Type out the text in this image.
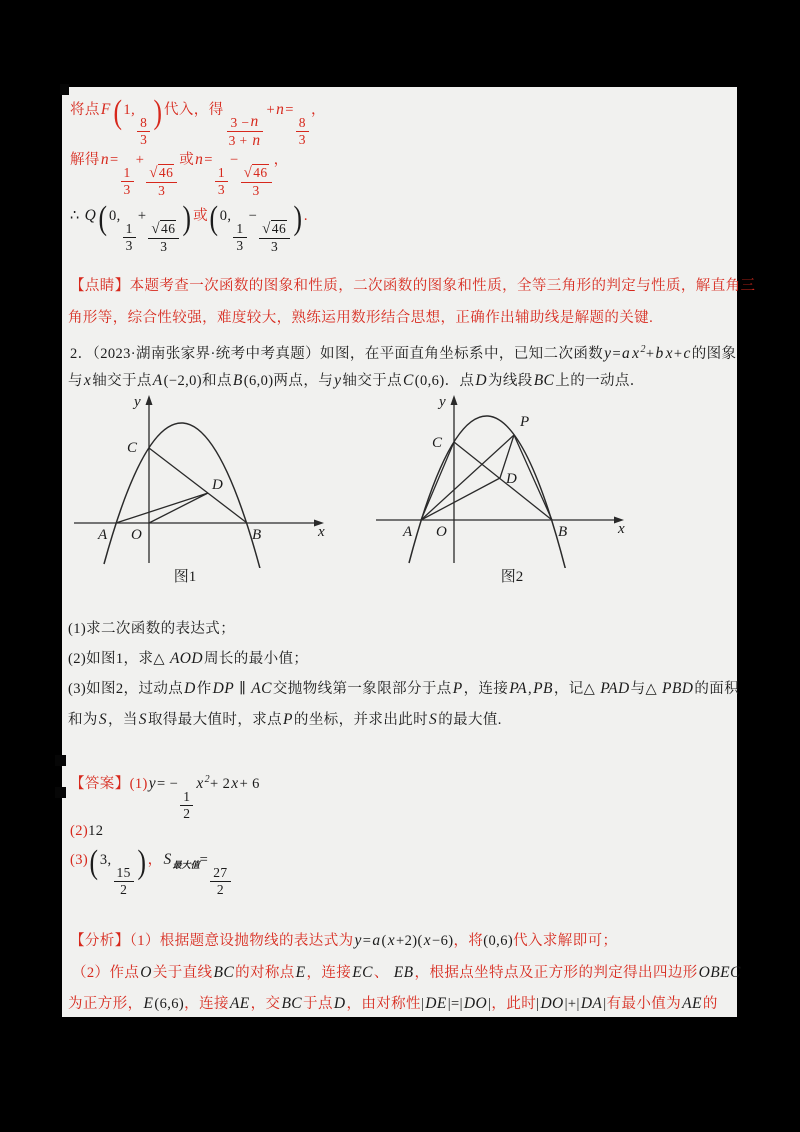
将点F(1,
$\frac{8}{3}$
)代入，得
$\frac{3 - n}{3 + n}$
+n=
$\frac{8}{3}$
，
解得n=
$\frac{1}{3}$
+
$\frac{√ 46}{3}$
或n=
$\frac{1}{3}$
−
$\frac{√ 46}{3}$
，
∴ Q(0,
$\frac{1}{3}$
+
$\frac{√ 46}{3}$
)或(0,
$\frac{1}{3}$
−
$\frac{√ 46}{3}$
).
【点睛】本题考查一次函数的图象和性质，二次函数的图象和性质，全等三角形的判定与性质，解直角三
角形等，综合性较强，难度较大，熟练运用数形结合思想，正确作出辅助线是解题的关键.
2．（2023·湖南张家界·统考中考真题）如图，在平面直角坐标系中，已知二次函数y=a $x^2+b$ x+c的图象
与x轴交于点A(−2,0)和点B(6,0)两点，与y轴交于点C(0,6)．点D为线段BC上的一动点．
x
y
A O	B
C
D
图1
x
y
A O	B
C
D
P
图2
(1)求二次函数的表达式；
(2)如图1，求△ AOD周长的最小值；
(3)如图2，过动点D作DP ∥ AC交抛物线第一象限部分于点P，连接PA,PB，记△ PAD与△ PBD的面积
和为S，当S取得最大值时，求点P的坐标，并求出此时S的最大值.
【答案】(1)y= −
$\frac{1}{2}$
$x^2+ 2x+ 6$
(2)12
(3)(3,
$\frac{15}{2}$
)，$S_{最大值}=$
$\frac{27}{2}$
【分析】（1）根据题意设抛物线的表达式为y=a(x+2)(x−6)，将(0,6)代入求解即可；
（2）作点O关于直线BC的对称点E，连接EC、 EB，根据点坐特点及正方形的判定得出四边形OBEC
为正方形，E(6,6)，连接AE，交BC于点D，由对称性|DE|=|DO|，此时|DO|+|DA|有最小值为AE的
